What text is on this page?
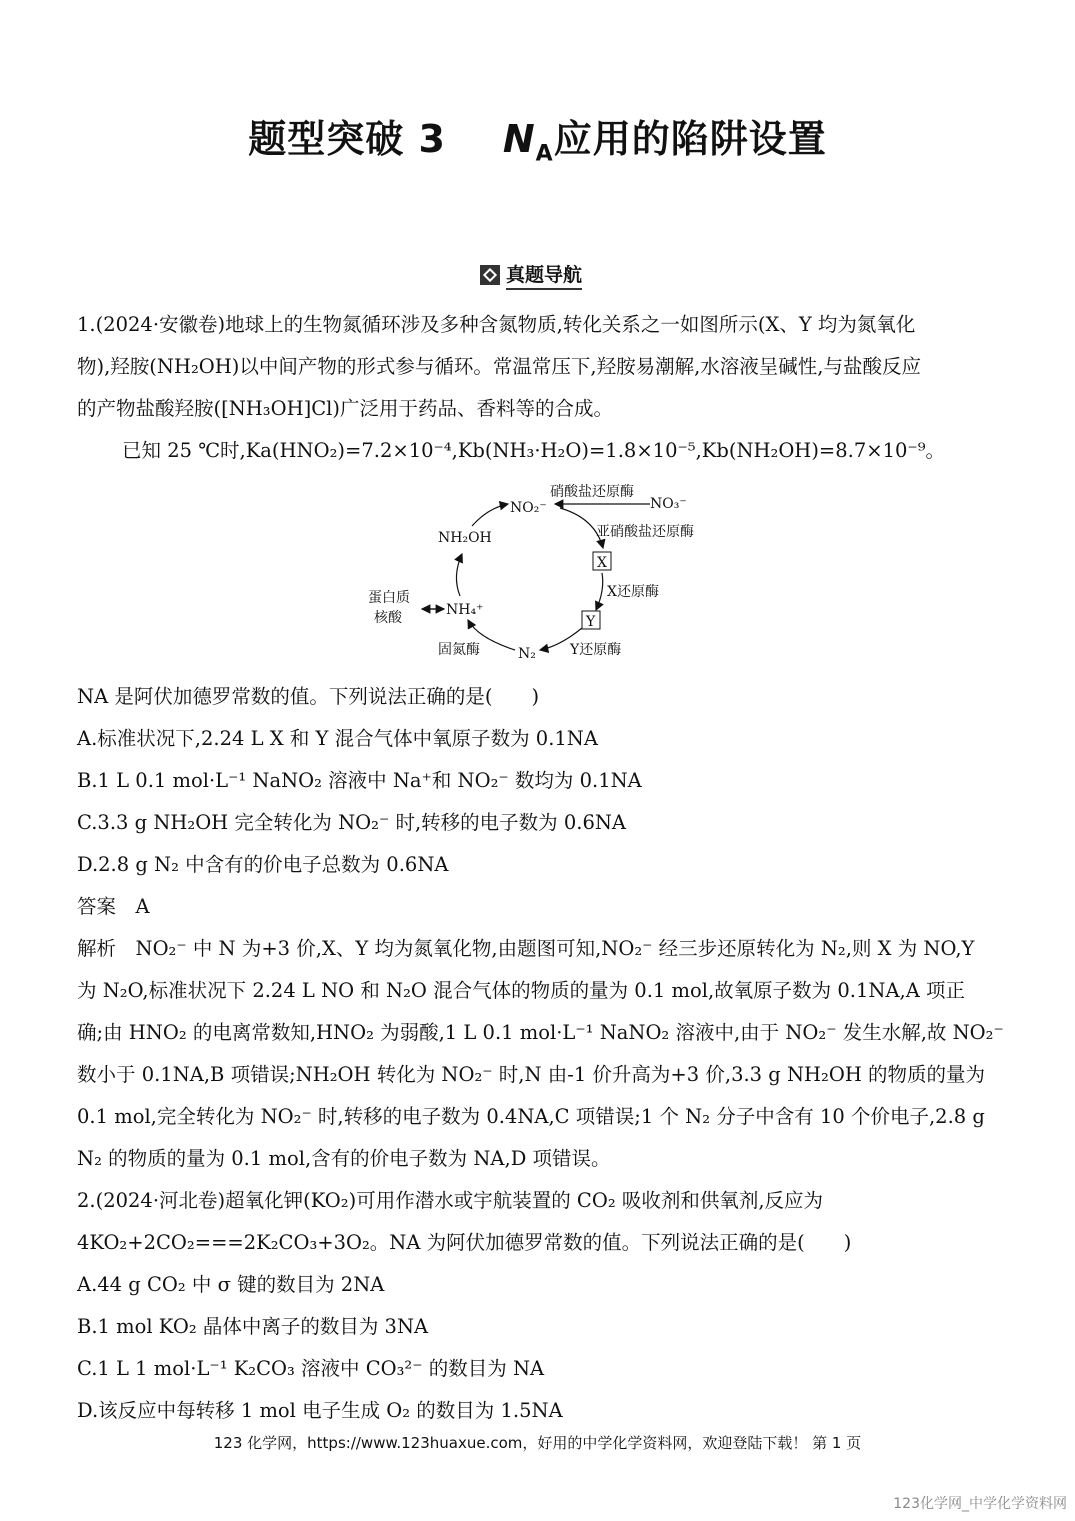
题型突破 3 $N_A$应用的陷阱设置
真题导航
1.(2024·安徽卷)地球上的生物氮循环涉及多种含氮物质,转化关系之一如图所示(X、Y 均为氮氧化
物),羟胺(NH₂OH)以中间产物的形式参与循环。常温常压下,羟胺易潮解,水溶液呈碱性,与盐酸反应
的产物盐酸羟胺([NH₃OH]Cl)广泛用于药品、香料等的合成。
已知 25 ℃时,Ka(HNO₂)=7.2×10⁻⁴,Kb(NH₃·H₂O)=1.8×10⁻⁵,Kb(NH₂OH)=8.7×10⁻⁹。
NO₂⁻	NO₃⁻
硝酸盐还原酶
亚硝酸盐还原酶
X
X还原酶
Y
Y还原酶
N₂
固氮酶
NH₄⁺
蛋白质
核酸
NH₂OH
NA 是阿伏加德罗常数的值。下列说法正确的是(　　)
A.标准状况下,2.24 L X 和 Y 混合气体中氧原子数为 0.1NA
B.1 L 0.1 mol·L⁻¹ NaNO₂ 溶液中 Na⁺和 NO₂⁻ 数均为 0.1NA
C.3.3 g NH₂OH 完全转化为 NO₂⁻ 时,转移的电子数为 0.6NA
D.2.8 g N₂ 中含有的价电子总数为 0.6NA
答案　A
解析　NO₂⁻ 中 N 为+3 价,X、Y 均为氮氧化物,由题图可知,NO₂⁻ 经三步还原转化为 N₂,则 X 为 NO,Y
为 N₂O,标准状况下 2.24 L NO 和 N₂O 混合气体的物质的量为 0.1 mol,故氧原子数为 0.1NA,A 项正
确;由 HNO₂ 的电离常数知,HNO₂ 为弱酸,1 L 0.1 mol·L⁻¹ NaNO₂ 溶液中,由于 NO₂⁻ 发生水解,故 NO₂⁻
数小于 0.1NA,B 项错误;NH₂OH 转化为 NO₂⁻ 时,N 由-1 价升高为+3 价,3.3 g NH₂OH 的物质的量为
0.1 mol,完全转化为 NO₂⁻ 时,转移的电子数为 0.4NA,C 项错误;1 个 N₂ 分子中含有 10 个价电子,2.8 g
N₂ 的物质的量为 0.1 mol,含有的价电子数为 NA,D 项错误。
2.(2024·河北卷)超氧化钾(KO₂)可用作潜水或宇航装置的 CO₂ 吸收剂和供氧剂,反应为
4KO₂+2CO₂===2K₂CO₃+3O₂。NA 为阿伏加德罗常数的值。下列说法正确的是(　　)
A.44 g CO₂ 中 σ 键的数目为 2NA
B.1 mol KO₂ 晶体中离子的数目为 3NA
C.1 L 1 mol·L⁻¹ K₂CO₃ 溶液中 CO₃²⁻ 的数目为 NA
D.该反应中每转移 1 mol 电子生成 O₂ 的数目为 1.5NA
123 化学网，https://www.123huaxue.com，好用的中学化学资料网，欢迎登陆下载！ 第 1 页
123化学网_中学化学资料网
